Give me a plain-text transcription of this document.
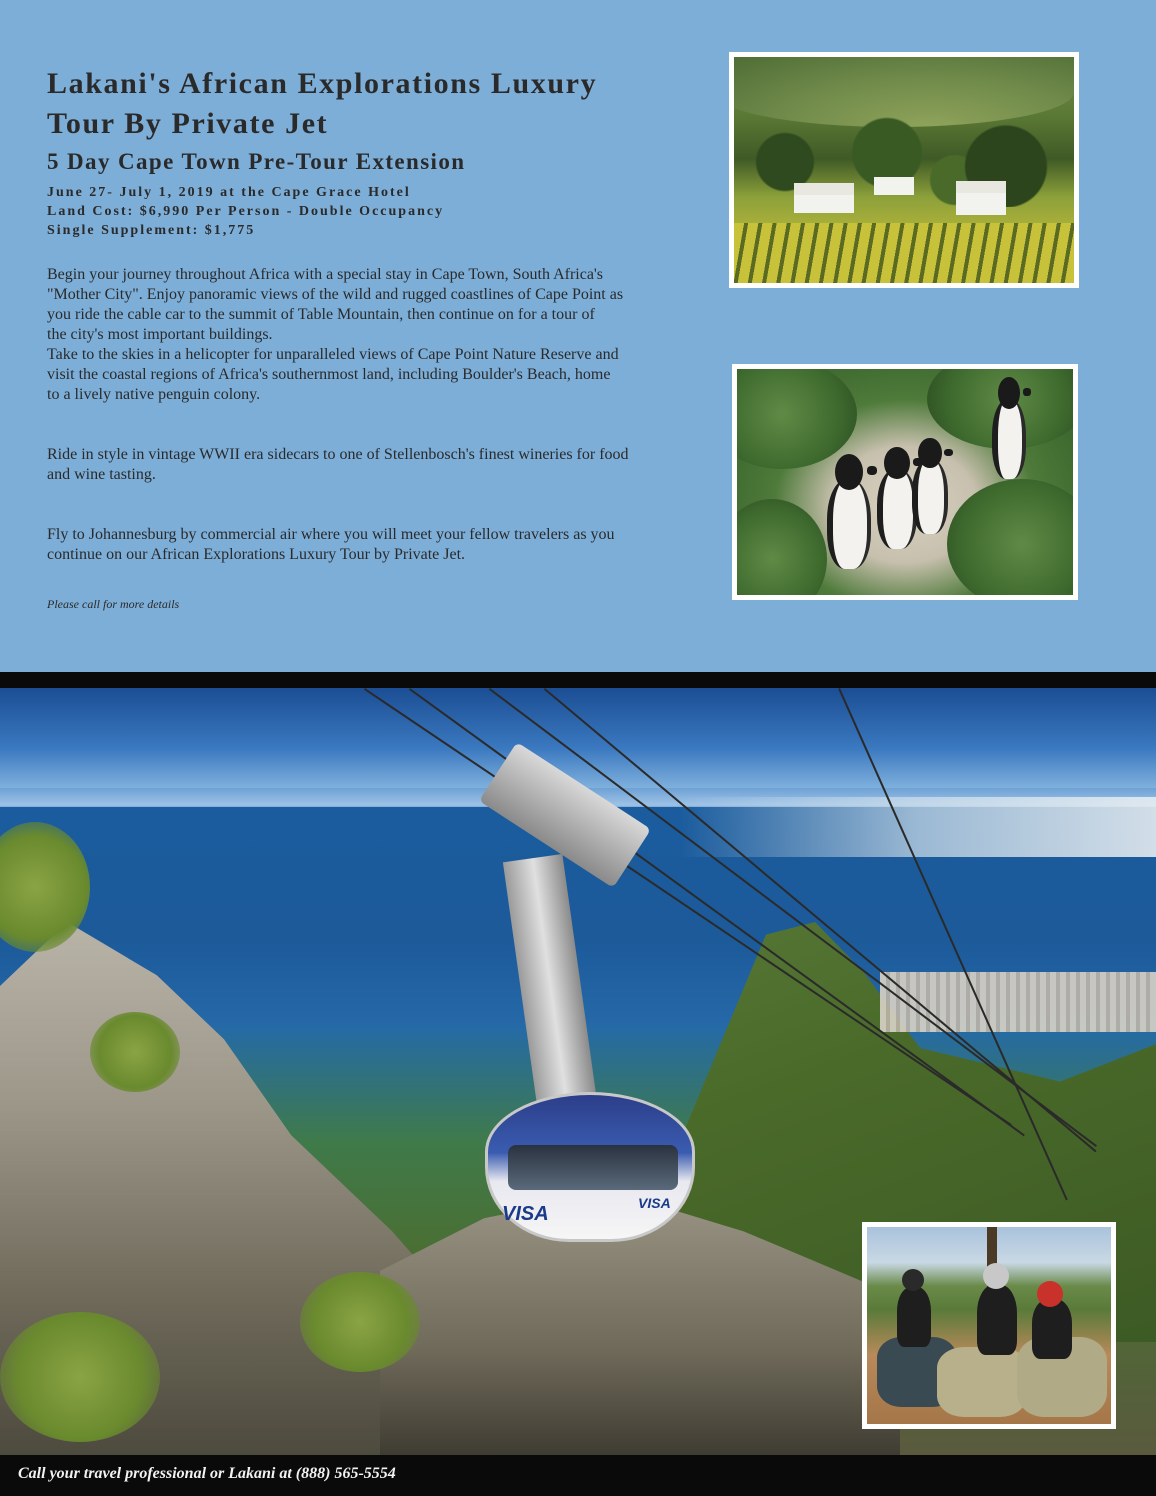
Lakani's African Explorations Luxury
Tour By Private Jet
5 Day Cape Town Pre-Tour Extension
June 27- July 1, 2019 at the Cape Grace Hotel
Land Cost: $6,990 Per Person - Double Occupancy
Single Supplement: $1,775

Begin your journey throughout Africa with a special stay in Cape Town, South Africa's

"Mother City". Enjoy panoramic views of the wild and rugged coastlines of Cape Point as

you ride the cable car to the summit of Table Mountain, then continue on for a tour of

the city's most important buildings.

Take to the skies in a helicopter for unparalleled views of Cape Point Nature Reserve and

visit the coastal regions of Africa's southernmost land, including Boulder's Beach, home

to a lively native penguin colony.

Ride in style in vintage WWII era sidecars to one of Stellenbosch's finest wineries for food

and wine tasting.

Fly to Johannesburg by commercial air where you will meet your fellow travelers as you

continue on our African Explorations Luxury Tour by Private Jet.

Please call for more details
VISA	VISA
Call your travel professional or Lakani at (888) 565-5554
